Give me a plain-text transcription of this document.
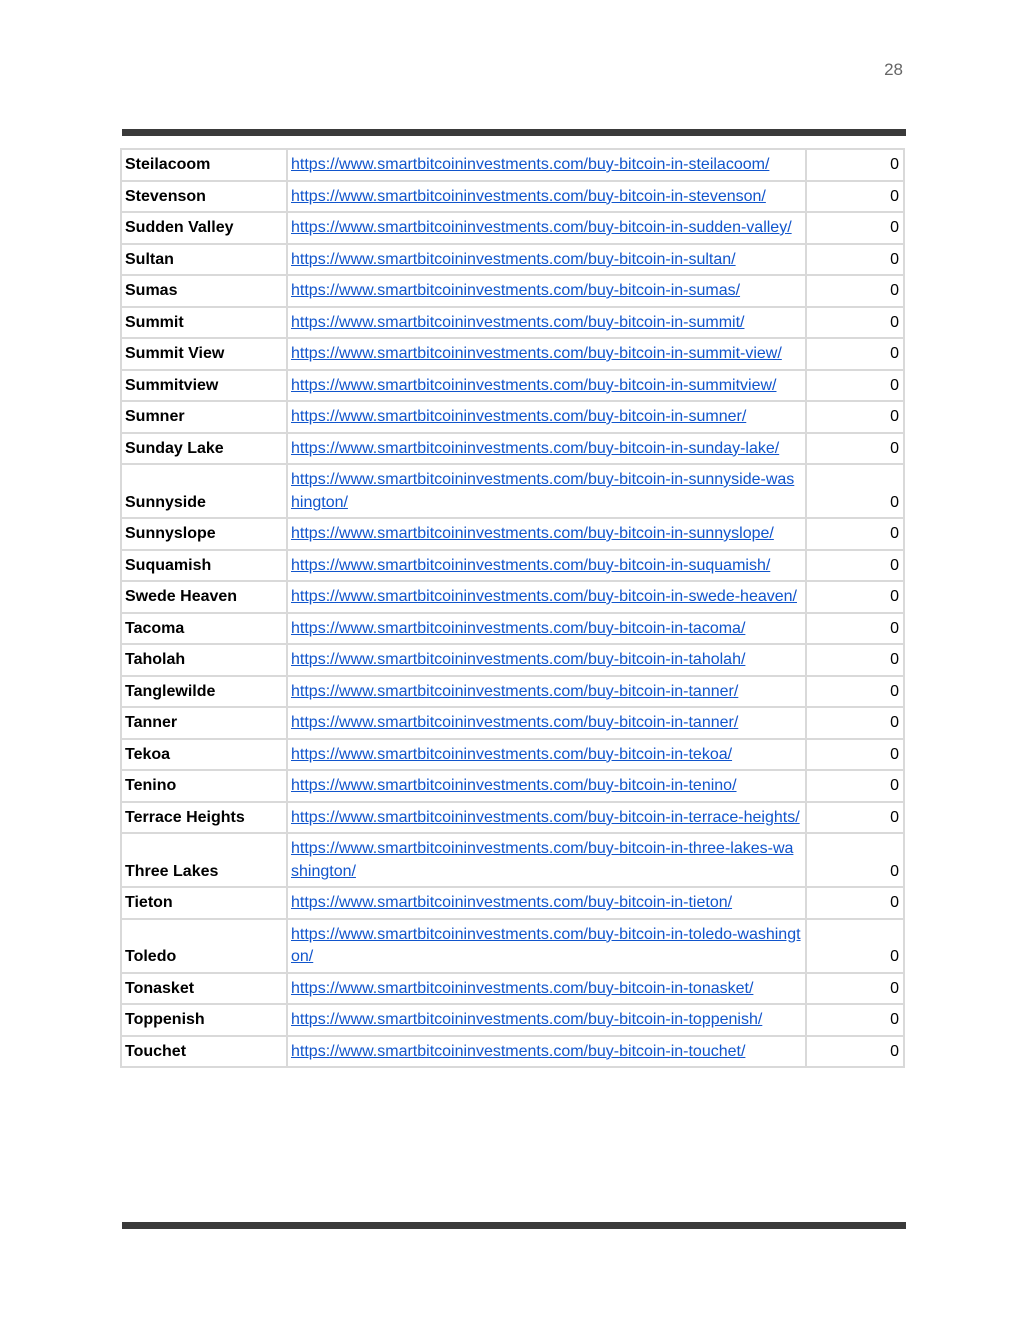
28
Steilacoom	https://www.smartbitcoininvestments.com/buy-bitcoin-in-steilacoom/	0
Stevenson	https://www.smartbitcoininvestments.com/buy-bitcoin-in-stevenson/	0
Sudden Valley	https://www.smartbitcoininvestments.com/buy-bitcoin-in-sudden-valley/	0
Sultan	https://www.smartbitcoininvestments.com/buy-bitcoin-in-sultan/	0
Sumas	https://www.smartbitcoininvestments.com/buy-bitcoin-in-sumas/	0
Summit	https://www.smartbitcoininvestments.com/buy-bitcoin-in-summit/	0
Summit View	https://www.smartbitcoininvestments.com/buy-bitcoin-in-summit-view/	0
Summitview	https://www.smartbitcoininvestments.com/buy-bitcoin-in-summitview/	0
Sumner	https://www.smartbitcoininvestments.com/buy-bitcoin-in-sumner/	0
Sunday Lake	https://www.smartbitcoininvestments.com/buy-bitcoin-in-sunday-lake/	0
Sunnyside	https://www.smartbitcoininvestments.com/buy-bitcoin-in-sunnyside-washington/	0
Sunnyslope	https://www.smartbitcoininvestments.com/buy-bitcoin-in-sunnyslope/	0
Suquamish	https://www.smartbitcoininvestments.com/buy-bitcoin-in-suquamish/	0
Swede Heaven	https://www.smartbitcoininvestments.com/buy-bitcoin-in-swede-heaven/	0
Tacoma	https://www.smartbitcoininvestments.com/buy-bitcoin-in-tacoma/	0
Taholah	https://www.smartbitcoininvestments.com/buy-bitcoin-in-taholah/	0
Tanglewilde	https://www.smartbitcoininvestments.com/buy-bitcoin-in-tanner/	0
Tanner	https://www.smartbitcoininvestments.com/buy-bitcoin-in-tanner/	0
Tekoa	https://www.smartbitcoininvestments.com/buy-bitcoin-in-tekoa/	0
Tenino	https://www.smartbitcoininvestments.com/buy-bitcoin-in-tenino/	0
Terrace Heights	https://www.smartbitcoininvestments.com/buy-bitcoin-in-terrace-heights/	0
Three Lakes	https://www.smartbitcoininvestments.com/buy-bitcoin-in-three-lakes-washington/	0
Tieton	https://www.smartbitcoininvestments.com/buy-bitcoin-in-tieton/	0
Toledo	https://www.smartbitcoininvestments.com/buy-bitcoin-in-toledo-washington/	0
Tonasket	https://www.smartbitcoininvestments.com/buy-bitcoin-in-tonasket/	0
Toppenish	https://www.smartbitcoininvestments.com/buy-bitcoin-in-toppenish/	0
Touchet	https://www.smartbitcoininvestments.com/buy-bitcoin-in-touchet/	0
